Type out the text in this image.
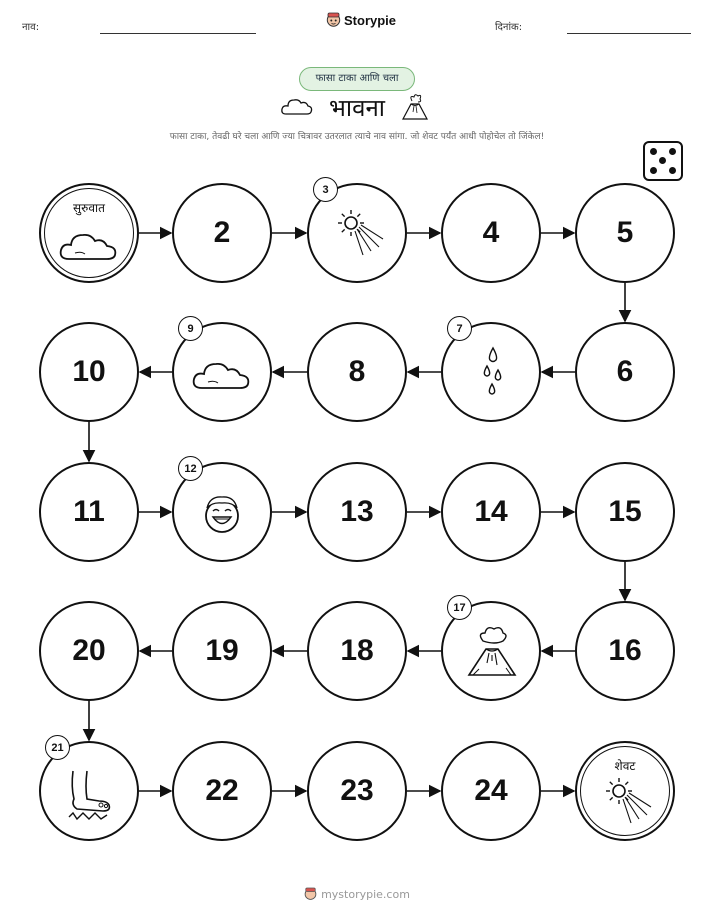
नाव:	Storypie	दिनांक:
फासा टाका आणि चला
भावना
फासा टाका, तेवढी घरे चला आणि ज्या चित्रावर उतरलात त्याचे नाव सांगा. जो शेवट पर्यंत आधी पोहोचेल तो जिंकेल!
सुरुवात
2
3
4	5
6
7
8
9
10
11
12
13	14	15
16
17
18
19
20
21
22	23	24
शेवट
mystorypie.com
